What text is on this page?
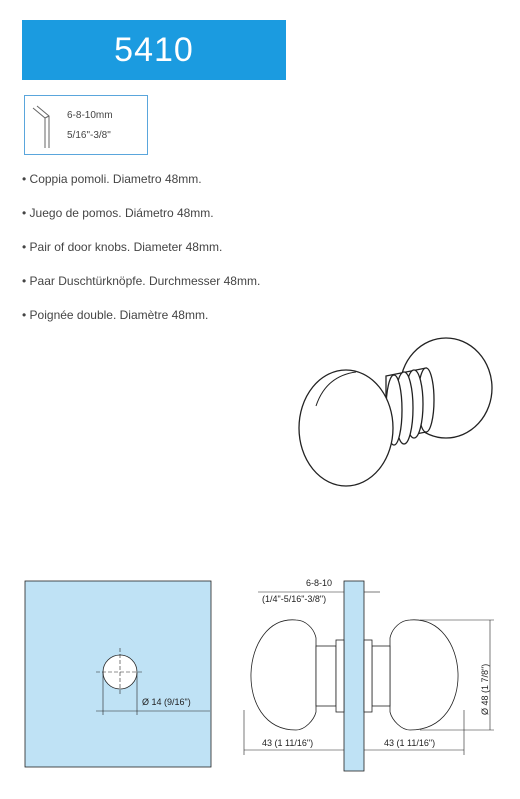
5410
6-8-10mm
5/16"-3/8"
• Coppia pomoli. Diametro 48mm.
• Juego de pomos. Diámetro 48mm.
• Pair of door knobs. Diameter 48mm.
• Paar Duschtürknöpfe. Durchmesser 48mm.
• Poignée double. Diamètre 48mm.
Ø 14 (9/16")
6-8-10
(1/4"-5/16"-3/8")
43 (1 11/16")	43 (1 11/16")
Ø 48 (1 7/8")
